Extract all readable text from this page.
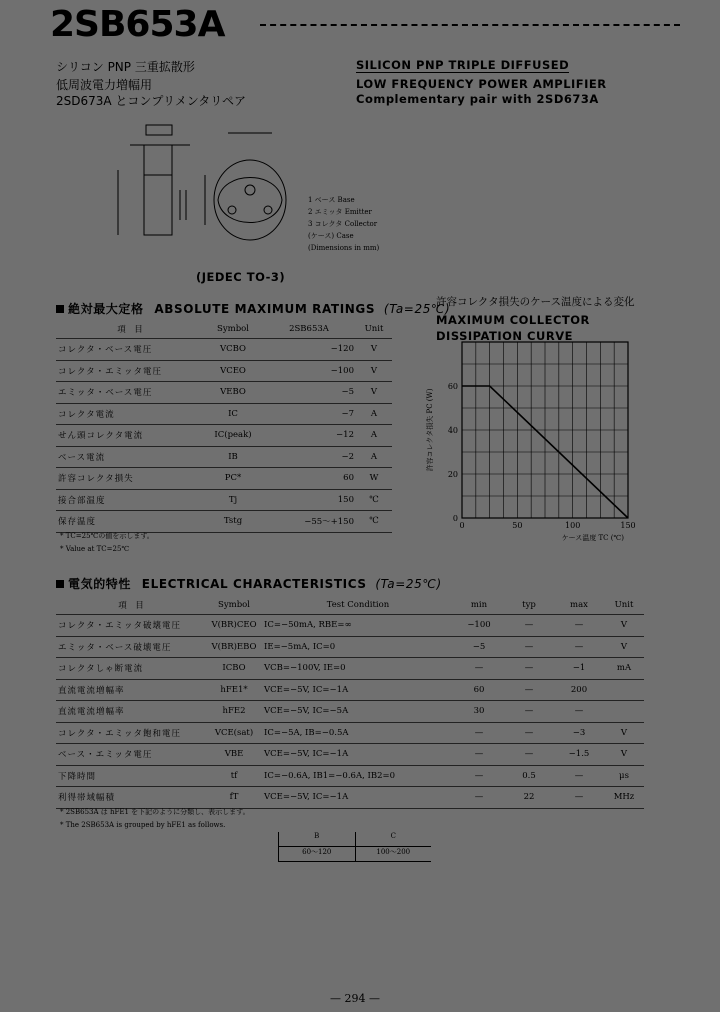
2SB653A
シリコン PNP 三重拡散形
低周波電力増幅用
2SD673A とコンプリメンタリペア
SILICON PNP TRIPLE DIFFUSED
LOW FREQUENCY POWER AMPLIFIER
Complementary pair with 2SD673A
1 ベース Base
2 エミッタ Emitter
3 コレクタ Collector
(ケース) Case
(Dimensions in mm)
(JEDEC TO-3)
絶対最大定格 ABSOLUTE MAXIMUM RATINGS (Ta=25℃)
項　目	Symbol	2SB653A	Unit
コレクタ・ベース電圧	VCBO	−120	V
コレクタ・エミッタ電圧	VCEO	−100	V
エミッタ・ベース電圧	VEBO	−5	V
コレクタ電流	IC	−7	A
せん頭コレクタ電流	IC(peak)	−12	A
ベース電流	IB	−2	A
許容コレクタ損失	PC*	60	W
接合部温度	Tj	150	℃
保存温度	Tstg	−55〜+150	℃
* TC=25℃の値を示します。
* Value at TC=25℃
許容コレクタ損失のケース温度による変化
MAXIMUM COLLECTOR DISSIPATION CURVE
0	50	100	150
0
20
40
60
ケース温度 TC (℃)
許容コレクタ損失 PC (W)
電気的特性 ELECTRICAL CHARACTERISTICS (Ta=25℃)
項　目	Symbol	Test Condition	min	typ	max	Unit
コレクタ・エミッタ破壊電圧	V(BR)CEO	IC=−50mA, RBE=∞	−100	—	—	V
エミッタ・ベース破壊電圧	V(BR)EBO	IE=−5mA, IC=0	−5	—	—	V
コレクタしゃ断電流	ICBO	VCB=−100V, IE=0	—	—	−1	mA
直流電流増幅率	hFE1*	VCE=−5V, IC=−1A	60	—	200	
直流電流増幅率	hFE2	VCE=−5V, IC=−5A	30	—	—	
コレクタ・エミッタ飽和電圧	VCE(sat)	IC=−5A, IB=−0.5A	—	—	−3	V
ベース・エミッタ電圧	VBE	VCE=−5V, IC=−1A	—	—	−1.5	V
下降時間	tf	IC=−0.6A, IB1=−0.6A, IB2=0	—	0.5	—	μs
利得帯域幅積	fT	VCE=−5V, IC=−1A	—	22	—	MHz
* 2SB653A は hFE1 を下記のように分類し、表示します。
* The 2SB653A is grouped by hFE1 as follows.
B	C
60〜120	100〜200
— 294 —
